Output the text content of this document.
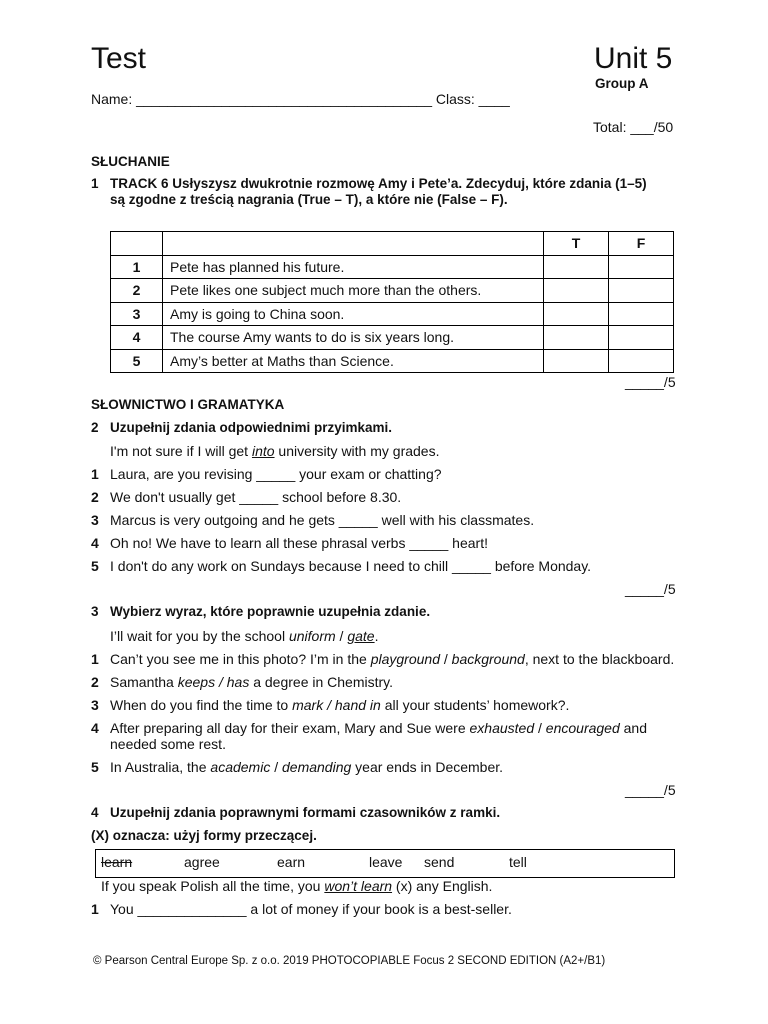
Test	Unit 5
Group A
Name: ______________________________________ Class: ____
Total: ___/50
SŁUCHANIE
1 TRACK 6 Usłyszysz dwukrotnie rozmowę Amy i Pete’a. Zdecyduj, które zdania (1–5)
są zgodne z treścią nagrania (True – T), a które nie (False – F).
		T	F
1	Pete has planned his future.		
2	Pete likes one subject much more than the others.		
3	Amy is going to China soon.		
4	The course Amy wants to do is six years long.		
5	Amy’s better at Maths than Science.		
_____/5
SŁOWNICTWO I GRAMATYKA
2 Uzupełnij zdania odpowiednimi przyimkami.
I'm not sure if I will get into university with my grades.
1 Laura, are you revising _____ your exam or chatting?
2 We don't usually get _____ school before 8.30.
3 Marcus is very outgoing and he gets _____ well with his classmates.
4 Oh no! We have to learn all these phrasal verbs _____ heart!
5 I don't do any work on Sundays because I need to chill _____ before Monday.
_____/5
3 Wybierz wyraz, które poprawnie uzupełnia zdanie.
I’ll wait for you by the school uniform / gate.
1 Can’t you see me in this photo? I’m in the playground / background, next to the blackboard.
2 Samantha keeps / has a degree in Chemistry.
3 When do you find the time to mark / hand in all your students’ homework?.
4 After preparing all day for their exam, Mary and Sue were exhausted / encouraged and
needed some rest.
5 In Australia, the academic / demanding year ends in December.
_____/5
4 Uzupełnij zdania poprawnymi formami czasowników z ramki.
(X) oznacza: użyj formy przeczącej.
learn	agree	earn	leave send	tell
If you speak Polish all the time, you won’t learn (x) any English.
1 You ______________ a lot of money if your book is a best-seller.
© Pearson Central Europe Sp. z o.o. 2019 PHOTOCOPIABLE Focus 2 SECOND EDITION (A2+/B1)
